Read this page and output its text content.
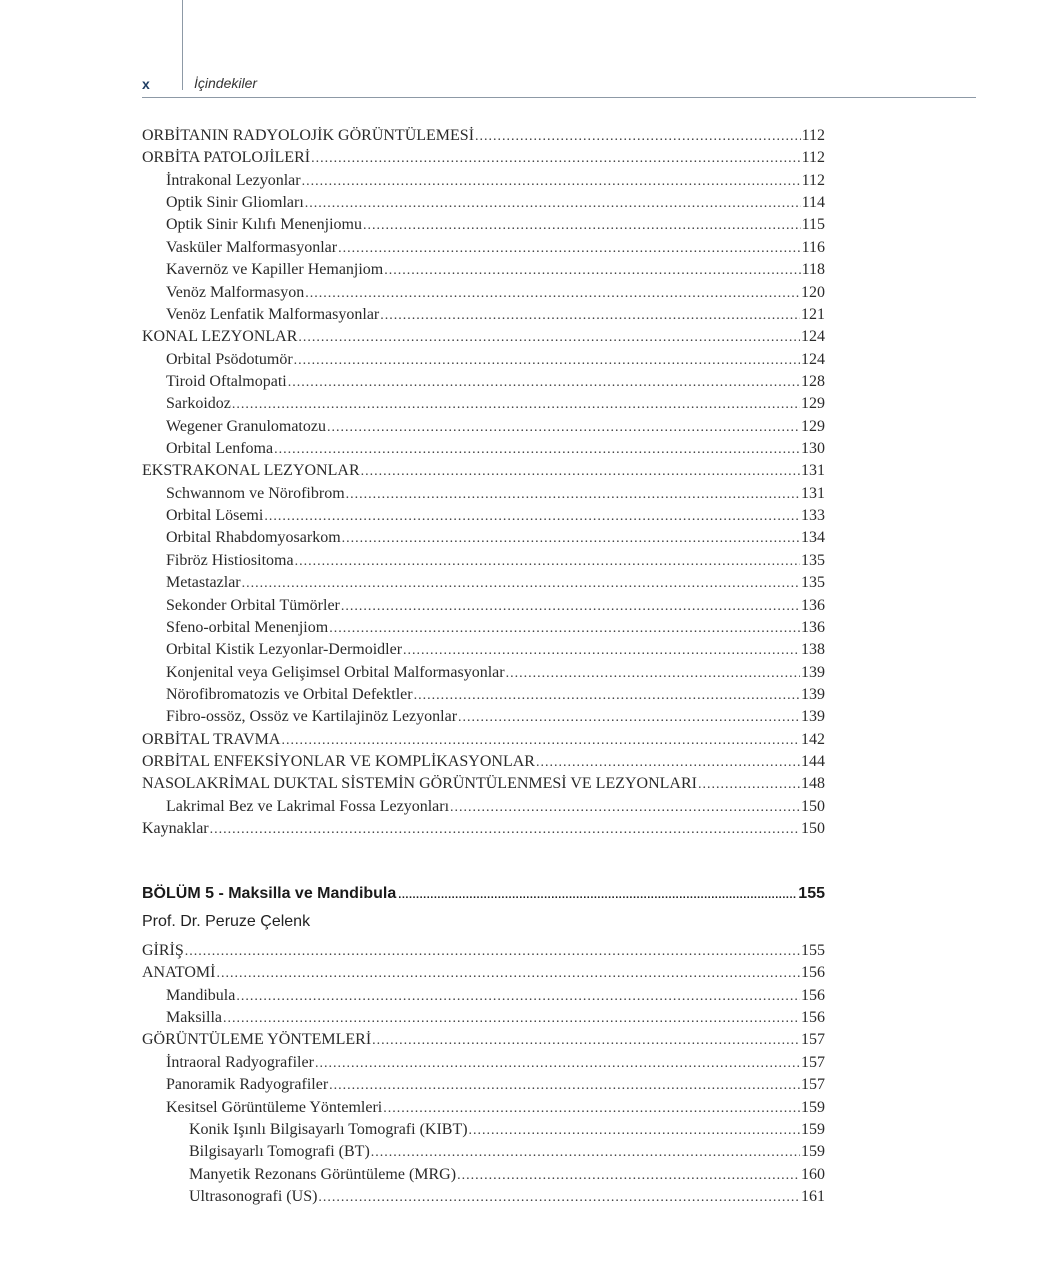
x	İçindekiler
ORBİTANIN RADYOLOJİK GÖRÜNTÜLEMESİ .....	112
ORBİTA PATOLOJİLERİ .....	112
İntrakonal Lezyonlar .....	112
Optik Sinir Gliomları .....	114
Optik Sinir Kılıfı Menenjiomu .....	115
Vasküler Malformasyonlar .....	116
Kavernöz ve Kapiller Hemanjiom .....	118
Venöz Malformasyon .....	120
Venöz Lenfatik Malformasyonlar .....	121
KONAL LEZYONLAR .....	124
Orbital Psödotumör .....	124
Tiroid Oftalmopati .....	128
Sarkoidoz .....	129
Wegener Granulomatozu .....	129
Orbital Lenfoma .....	130
EKSTRAKONAL LEZYONLAR .....	131
Schwannom ve Nörofibrom .....	131
Orbital Lösemi .....	133
Orbital Rhabdomyosarkom .....	134
Fibröz Histiositoma .....	135
Metastazlar .....	135
Sekonder Orbital Tümörler .....	136
Sfeno-orbital Menenjiom .....	136
Orbital Kistik Lezyonlar-Dermoidler .....	138
Konjenital veya Gelişimsel Orbital Malformasyonlar .....	139
Nörofibromatozis ve Orbital Defektler .....	139
Fibro-ossöz, Ossöz ve Kartilajinöz Lezyonlar .....	139
ORBİTAL TRAVMA .....	142
ORBİTAL ENFEKSİYONLAR VE KOMPLİKASYONLAR .....	144
NASOLAKRİMAL DUKTAL SİSTEMİN GÖRÜNTÜLENMESİ VE LEZYONLARI .....	148
Lakrimal Bez ve Lakrimal Fossa Lezyonları .....	150
Kaynaklar .....	150
BÖLÜM 5 - Maksilla ve Mandibula .....	155
Prof. Dr. Peruze Çelenk
GİRİŞ .....	155
ANATOMİ .....	156
Mandibula .....	156
Maksilla .....	156
GÖRÜNTÜLEME YÖNTEMLERİ .....	157
İntraoral Radyografiler .....	157
Panoramik Radyografiler .....	157
Kesitsel Görüntüleme Yöntemleri .....	159
Konik Işınlı Bilgisayarlı Tomografi (KIBT) .....	159
Bilgisayarlı Tomografi (BT) .....	159
Manyetik Rezonans Görüntüleme (MRG) .....	160
Ultrasonografi (US) .....	161
